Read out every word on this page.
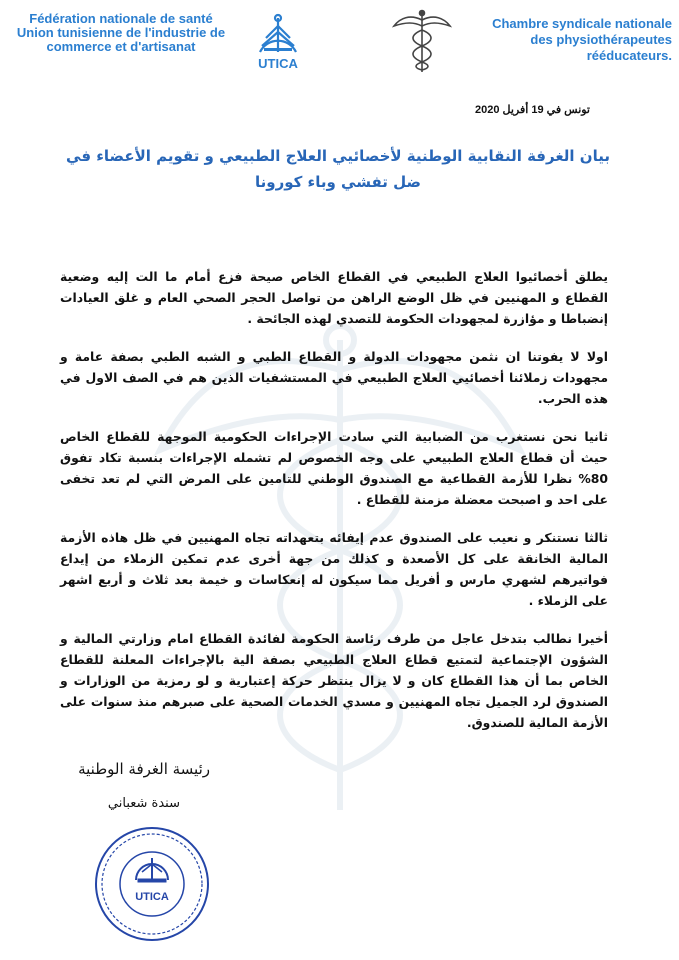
Fédération nationale de santé
Union tunisienne de l'industrie de
commerce et d'artisanat
UTICA
Chambre syndicale nationale
des physiothérapeutes
rééducateurs.
تونس في 19 أفريل 2020
بيان الغرفة النقابية الوطنية لأخصائيي العلاج الطبيعي و تقويم الأعضاء في ضل تفشي وباء كورونا

يطلق أخصائيوا العلاج الطبيعي في القطاع الخاص صيحة فزع أمام ما الت إليه وضعية القطاع و المهنيين في ظل الوضع الراهن من تواصل الحجر الصحي العام و غلق العيادات إنضباطا و مؤازرة لمجهودات الحكومة للتصدي لهذه الجائحة .

اولا لا يفوتنا ان نثمن مجهودات الدولة و القطاع الطبي و الشبه الطبي بصفة عامة و مجهودات زملائنا أخصائيي العلاج الطبيعي في المستشفيات الذين هم في الصف الاول في هذه الحرب.

ثانيا نحن نستغرب من الضبابية التي سادت الإجراءات الحكومية الموجهة للقطاع الخاص حيث أن قطاع العلاج الطبيعي على وجه الخصوص لم تشمله الإجراءات بنسبة تكاد تفوق 80% نظرا للأزمة القطاعية مع الصندوق الوطني للتامين على المرض التي لم تعد تخفى على احد و اصبحت معضلة مزمنة للقطاع .

ثالثا نستنكر و نعيب على الصندوق عدم إيفائه بتعهداته تجاه المهنيين في ظل هاذه الأزمة المالية الخانقة على كل الأصعدة و كذلك من جهة أخرى عدم تمكين الزملاء من إيداع فواتيرهم لشهري مارس و أفريل مما سيكون له إنعكاسات و خيمة بعد ثلاث و أربع اشهر على الزملاء .

أخيرا نطالب بتدخل عاجل من طرف رئاسة الحكومة لفائدة القطاع امام وزارتي المالية و الشؤون الإجتماعية لتمتيع قطاع العلاج الطبيعي بصفة الية بالإجراءات المعلنة للقطاع الخاص بما أن هذا القطاع كان و لا يزال ينتظر حركة إعتبارية و لو رمزية من الوزارات و الصندوق لرد الجميل تجاه المهنيين و مسدي الخدمات الصحية على صبرهم منذ سنوات على الأزمة المالية للصندوق.

رئيسة الغرفة الوطنية
سندة شعباني
UTICA
